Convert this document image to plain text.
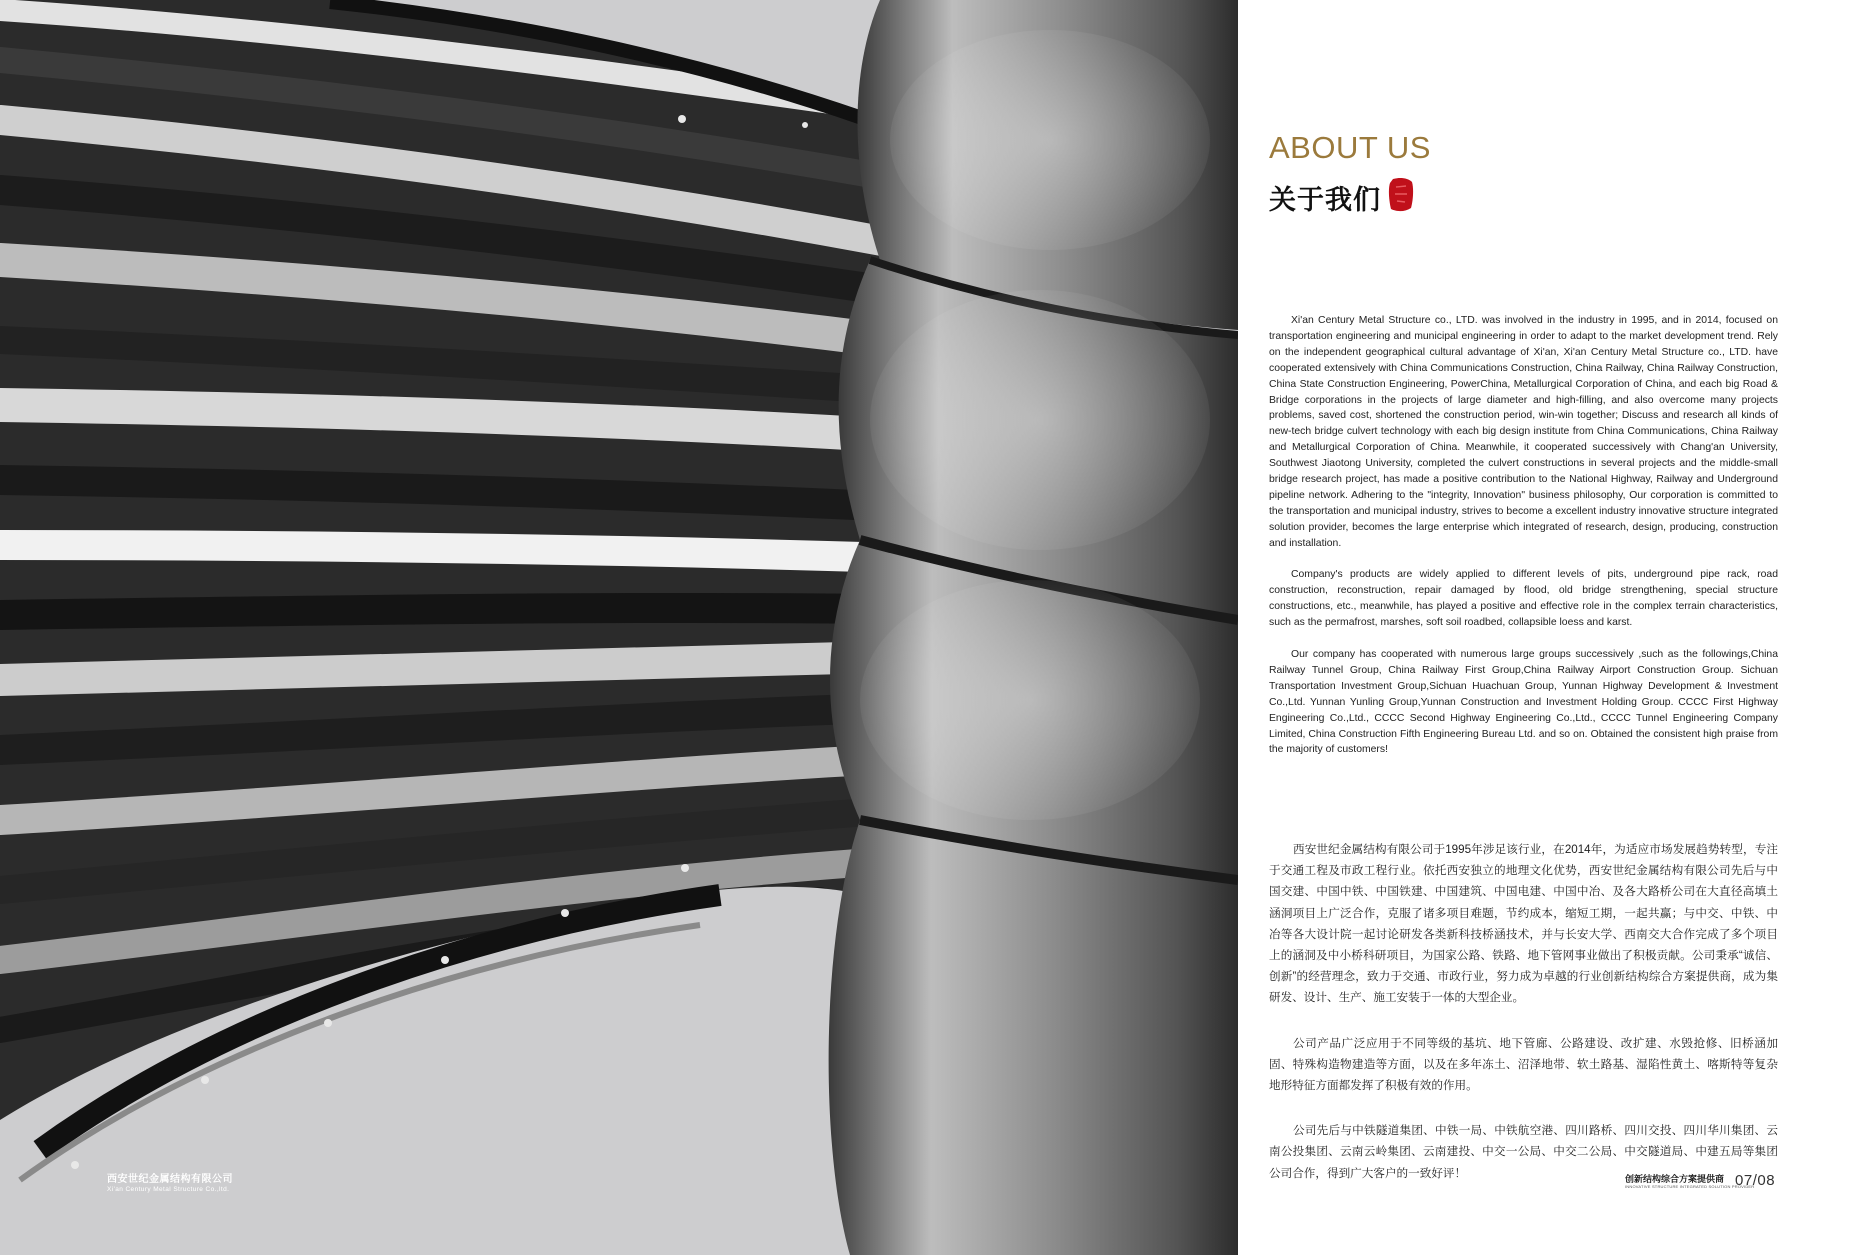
西安世纪金属结构有限公司
Xi'an Century Metal Structure Co.,ltd.
ABOUT US
关于我们

Xi'an Century Metal Structure co., LTD. was involved in the industry in 1995, and in 2014, focused on transportation engineering and municipal engineering in order to adapt to the market development trend. Rely on the independent geographical cultural advantage of Xi'an, Xi'an Century Metal Structure co., LTD. have cooperated extensively with China Communications Construction, China Railway, China Railway Construction, China State Construction Engineering, PowerChina, Metallurgical Corporation of China, and each big Road & Bridge corporations in the projects of large diameter and high-filling, and also overcome many projects problems, saved cost, shortened the construction period, win-win together; Discuss and research all kinds of new-tech bridge culvert technology with each big design institute from China Communications, China Railway and Metallurgical Corporation of China. Meanwhile, it cooperated successively with Chang'an University, Southwest Jiaotong University, completed the culvert constructions in several projects and the middle-small bridge research project, has made a positive contribution to the National Highway, Railway and Underground pipeline network. Adhering to the "integrity, Innovation" business philosophy, Our corporation is committed to the transportation and municipal industry, strives to become a excellent industry innovative structure integrated solution provider, becomes the large enterprise which integrated of research, design, producing, construction and installation.

Company's products are widely applied to different levels of pits, underground pipe rack, road construction, reconstruction, repair damaged by flood, old bridge strengthening, special structure constructions, etc., meanwhile, has played a positive and effective role in the complex terrain characteristics, such as the permafrost, marshes, soft soil roadbed, collapsible loess and karst.

Our company has cooperated with numerous large groups successively ,such as the followings,China Railway Tunnel Group, China Railway First Group,China Railway Airport Construction Group. Sichuan Transportation Investment Group,Sichuan Huachuan Group, Yunnan Highway Development & Investment Co.,Ltd. Yunnan Yunling Group,Yunnan Construction and Investment Holding Group. CCCC First Highway Engineering Co.,Ltd., CCCC Second Highway Engineering Co.,Ltd., CCCC Tunnel Engineering Company Limited, China Construction Fifth Engineering Bureau Ltd. and so on. Obtained the consistent high praise from the majority of customers!

西安世纪金属结构有限公司于1995年涉足该行业，在2014年，为适应市场发展趋势转型，专注于交通工程及市政工程行业。依托西安独立的地理文化优势，西安世纪金属结构有限公司先后与中国交建、中国中铁、中国铁建、中国建筑、中国电建、中国中冶、及各大路桥公司在大直径高填土涵洞项目上广泛合作，克服了诸多项目难题，节约成本，缩短工期，一起共赢；与中交、中铁、中冶等各大设计院一起讨论研发各类新科技桥涵技术，并与长安大学、西南交大合作完成了多个项目上的涵洞及中小桥科研项目，为国家公路、铁路、地下管网事业做出了积极贡献。公司秉承“诚信、创新”的经营理念，致力于交通、市政行业，努力成为卓越的行业创新结构综合方案提供商，成为集研发、设计、生产、施工安装于一体的大型企业。

公司产品广泛应用于不同等级的基坑、地下管廊、公路建设、改扩建、水毁抢修、旧桥涵加固、特殊构造物建造等方面，以及在多年冻土、沼泽地带、软土路基、湿陷性黄土、喀斯特等复杂地形特征方面都发挥了积极有效的作用。

公司先后与中铁隧道集团、中铁一局、中铁航空港、四川路桥、四川交投、四川华川集团、云南公投集团、云南云岭集团、云南建投、中交一公局、中交二公局、中交隧道局、中建五局等集团公司合作，得到广大客户的一致好评！	创新结构综合方案提供商
INNOVATIVE STRUCTURE INTEGRATED SOLUTION PROVIDER
07/08
